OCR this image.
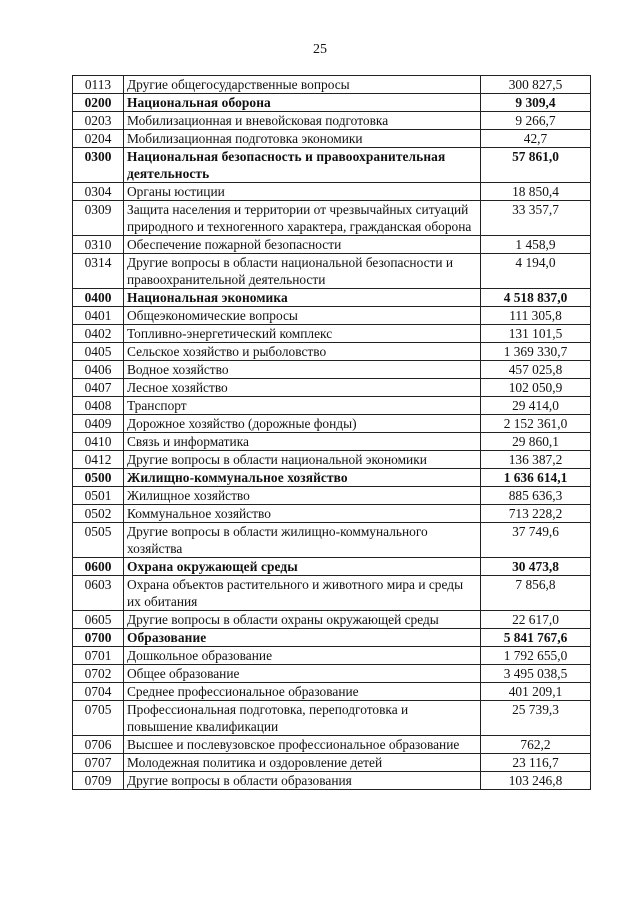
25
0113	Другие общегосударственные вопросы	300 827,5
0200	Национальная оборона	9 309,4
0203	Мобилизационная и вневойсковая подготовка	9 266,7
0204	Мобилизационная подготовка экономики	42,7
0300	Национальная безопасность и правоохранительная деятельность	57 861,0
0304	Органы юстиции	18 850,4
0309	Защита населения и территории от чрезвычайных ситуаций природного и техногенного характера, гражданская оборона	33 357,7
0310	Обеспечение пожарной безопасности	1 458,9
0314	Другие вопросы в области национальной безопасности и правоохранительной деятельности	4 194,0
0400	Национальная экономика	4 518 837,0
0401	Общеэкономические вопросы	111 305,8
0402	Топливно-энергетический комплекс	131 101,5
0405	Сельское хозяйство и рыболовство	1 369 330,7
0406	Водное хозяйство	457 025,8
0407	Лесное хозяйство	102 050,9
0408	Транспорт	29 414,0
0409	Дорожное хозяйство (дорожные фонды)	2 152 361,0
0410	Связь и информатика	29 860,1
0412	Другие вопросы в области национальной экономики	136 387,2
0500	Жилищно-коммунальное хозяйство	1 636 614,1
0501	Жилищное хозяйство	885 636,3
0502	Коммунальное хозяйство	713 228,2
0505	Другие вопросы в области жилищно-коммунального хозяйства	37 749,6
0600	Охрана окружающей среды	30 473,8
0603	Охрана объектов растительного и животного мира и среды их обитания	7 856,8
0605	Другие вопросы в области охраны окружающей среды	22 617,0
0700	Образование	5 841 767,6
0701	Дошкольное образование	1 792 655,0
0702	Общее образование	3 495 038,5
0704	Среднее профессиональное образование	401 209,1
0705	Профессиональная подготовка, переподготовка и повышение квалификации	25 739,3
0706	Высшее и послевузовское профессиональное образование	762,2
0707	Молодежная политика и оздоровление детей	23 116,7
0709	Другие вопросы в области образования	103 246,8
